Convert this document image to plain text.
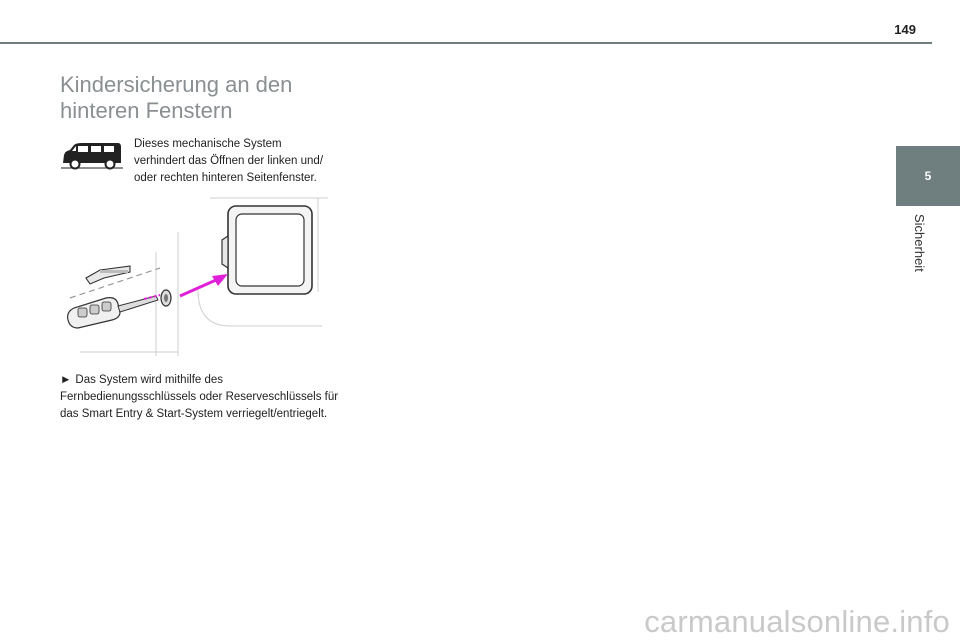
149
Kindersicherung an den
hinteren Fenstern
Dieses mechanische System
verhindert das Öffnen der linken und/
oder rechten hinteren Seitenfenster.
► Das System wird mithilfe des
Fernbedienungsschlüssels oder Reserveschlüssels für
das Smart Entry & Start-System verriegelt/entriegelt.
5
Sicherheit
carmanualsonline.info
